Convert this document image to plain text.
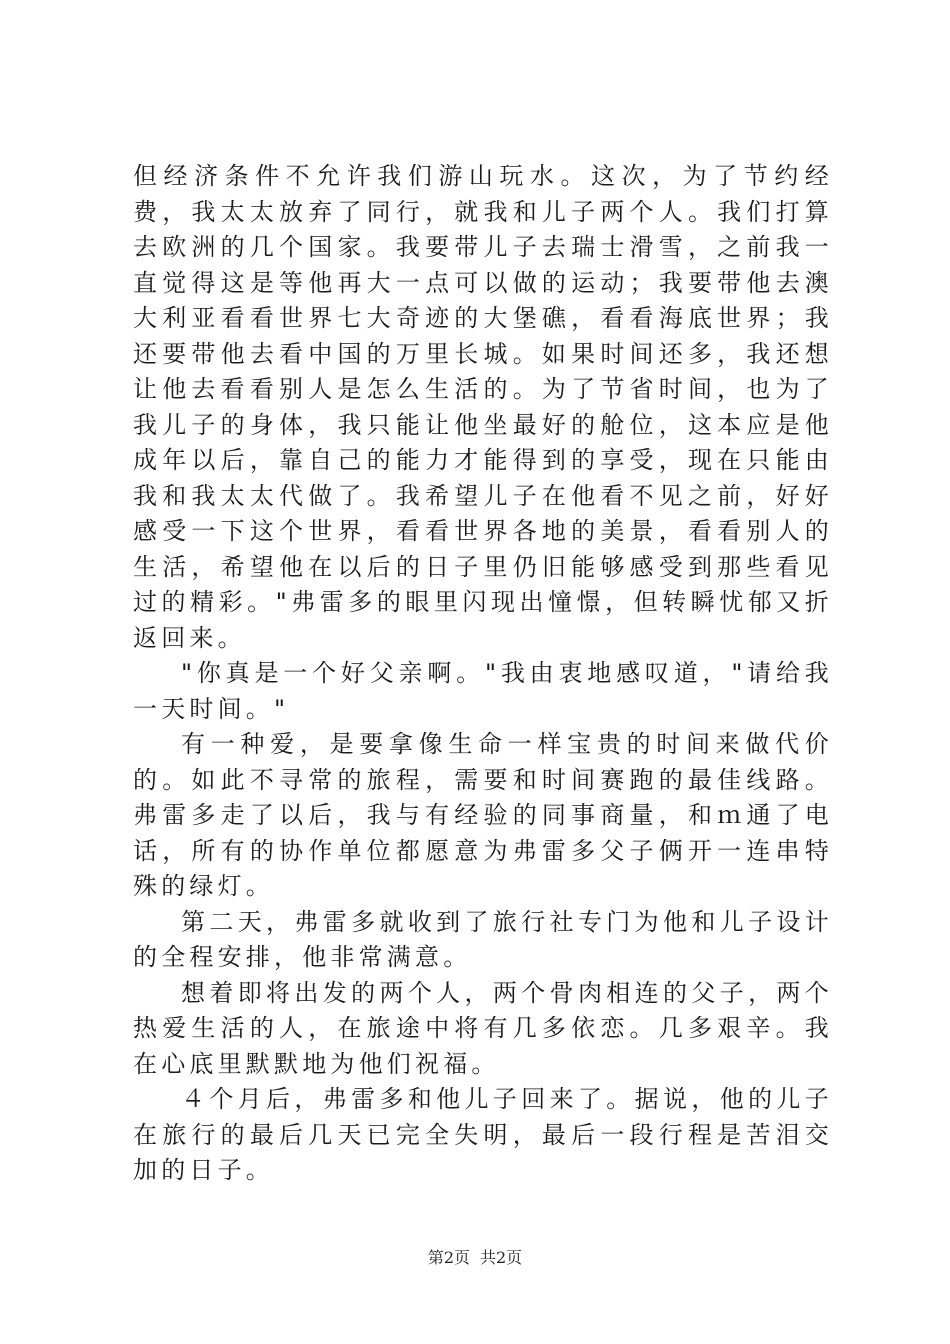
但经济条件不允许我们游山玩水。这次，为了节约经费，我太太放弃了同行，就我和儿子两个人。我们打算去欧洲的几个国家。我要带儿子去瑞士滑雪，之前我一直觉得这是等他再大一点可以做的运动；我要带他去澳大利亚看看世界七大奇迹的大堡礁，看看海底世界；我还要带他去看中国的万里长城。如果时间还多，我还想让他去看看别人是怎么生活的。为了节省时间，也为了我儿子的身体，我只能让他坐最好的舱位，这本应是他成年以后，靠自己的能力才能得到的享受，现在只能由我和我太太代做了。我希望儿子在他看不见之前，好好感受一下这个世界，看看世界各地的美景，看看别人的生活，希望他在以后的日子里仍旧能够感受到那些看见过的精彩。"弗雷多的眼里闪现出憧憬，但转瞬忧郁又折返回来。

"你真是一个好父亲啊。"我由衷地感叹道，"请给我一天时间。"

有一种爱，是要拿像生命一样宝贵的时间来做代价的。如此不寻常的旅程，需要和时间赛跑的最佳线路。弗雷多走了以后，我与有经验的同事商量，和ｍ通了电话，所有的协作单位都愿意为弗雷多父子俩开一连串特殊的绿灯。

第二天，弗雷多就收到了旅行社专门为他和儿子设计的全程安排，他非常满意。

想着即将出发的两个人，两个骨肉相连的父子，两个热爱生活的人，在旅途中将有几多依恋。几多艰辛。我在心底里默默地为他们祝福。

４个月后，弗雷多和他儿子回来了。据说，他的儿子在旅行的最后几天已完全失明，最后一段行程是苦泪交加的日子。

第2页 共2页
